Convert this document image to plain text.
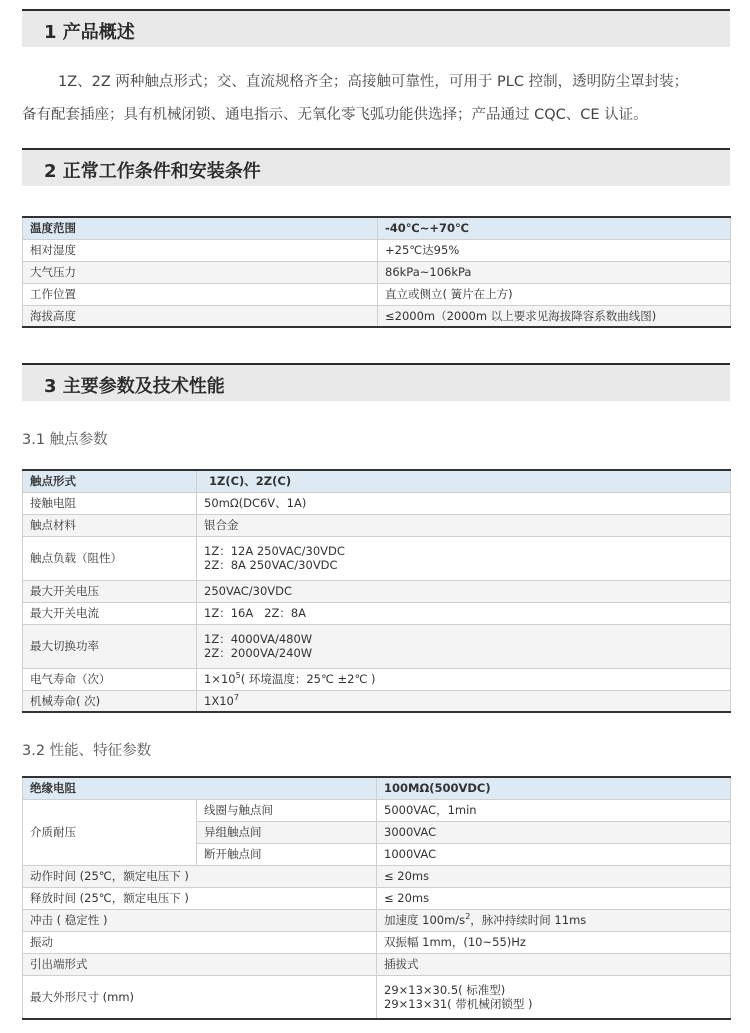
1 产品概述
1Z、2Z 两种触点形式；交、直流规格齐全；高接触可靠性，可用于 PLC 控制，透明防尘罩封装；
备有配套插座；具有机械闭锁、通电指示、无氧化零飞弧功能供选择；产品通过 CQC、CE 认证。
2 正常工作条件和安装条件
温度范围	-40℃~+70℃
相对湿度	+25℃达95%
大气压力	86kPa~106kPa
工作位置	直立或侧立( 簧片在上方)
海拔高度	≤2000m（2000m 以上要求见海拔降容系数曲线图)
3 主要参数及技术性能
3.1 触点参数
触点形式	1Z(C)、2Z(C)
接触电阻	50mΩ(DC6V、1A)
触点材料	银合金
触点负载（阻性）	1Z：12A 250VAC/30VDC
2Z：8A 250VAC/30VDC

最大开关电压	250VAC/30VDC
最大开关电流	1Z：16A   2Z：8A
最大切换功率	1Z：4000VA/480W
2Z：2000VA/240W

电气寿命（次）	$1\times 10^5$( 环境温度：25℃ ±2℃ )
机械寿命( 次)	$1X10^7$
3.2 性能、特征参数
绝缘电阻		100MΩ(500VDC)
介质耐压	线圈与触点间	5000VAC，1min
	异组触点间	3000VAC
	断开触点间	1000VAC
动作时间 (25℃，额定电压下 )		≤ 20ms
释放时间 (25℃，额定电压下 )		≤ 20ms
冲击 ( 稳定性 )		加速度 $100m/s^2$，脉冲持续时间 11ms
振动		双振幅 1mm，(10~55)Hz
引出端形式		插拔式
最大外形尺寸 (mm)		29×13×30.5( 标准型)
29×13×31( 带机械闭锁型 )
